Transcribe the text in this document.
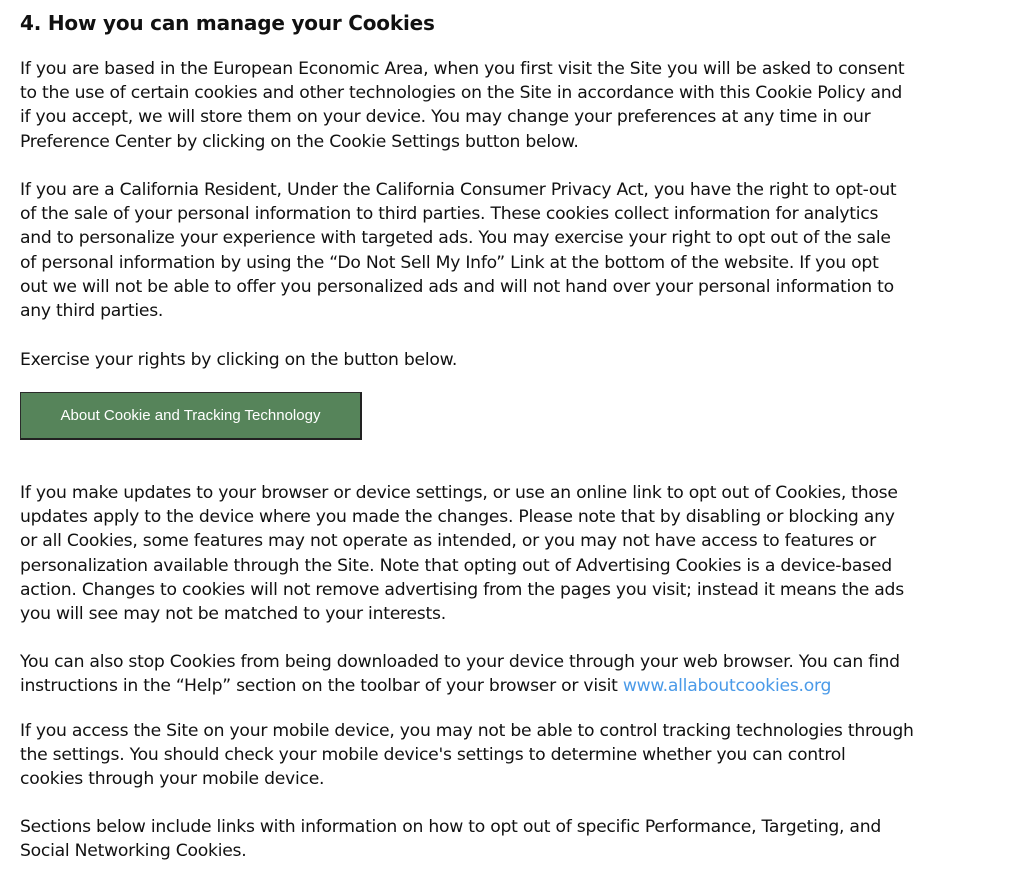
4. How you can manage your Cookies

If you are based in the European Economic Area, when you first visit the Site you will be asked to consent
to the use of certain cookies and other technologies on the Site in accordance with this Cookie Policy and
if you accept, we will store them on your device. You may change your preferences at any time in our
Preference Center by clicking on the Cookie Settings button below.

If you are a California Resident, Under the California Consumer Privacy Act, you have the right to opt-out
of the sale of your personal information to third parties. These cookies collect information for analytics
and to personalize your experience with targeted ads. You may exercise your right to opt out of the sale
of personal information by using the “Do Not Sell My Info” Link at the bottom of the website. If you opt
out we will not be able to offer you personalized ads and will not hand over your personal information to
any third parties.

Exercise your rights by clicking on the button below.

About Cookie and Tracking Technology

If you make updates to your browser or device settings, or use an online link to opt out of Cookies, those
updates apply to the device where you made the changes. Please note that by disabling or blocking any
or all Cookies, some features may not operate as intended, or you may not have access to features or
personalization available through the Site. Note that opting out of Advertising Cookies is a device-based
action. Changes to cookies will not remove advertising from the pages you visit; instead it means the ads
you will see may not be matched to your interests.

You can also stop Cookies from being downloaded to your device through your web browser. You can find
instructions in the “Help” section on the toolbar of your browser or visit www.allaboutcookies.org

If you access the Site on your mobile device, you may not be able to control tracking technologies through
the settings. You should check your mobile device's settings to determine whether you can control
cookies through your mobile device.

Sections below include links with information on how to opt out of specific Performance, Targeting, and
Social Networking Cookies.
